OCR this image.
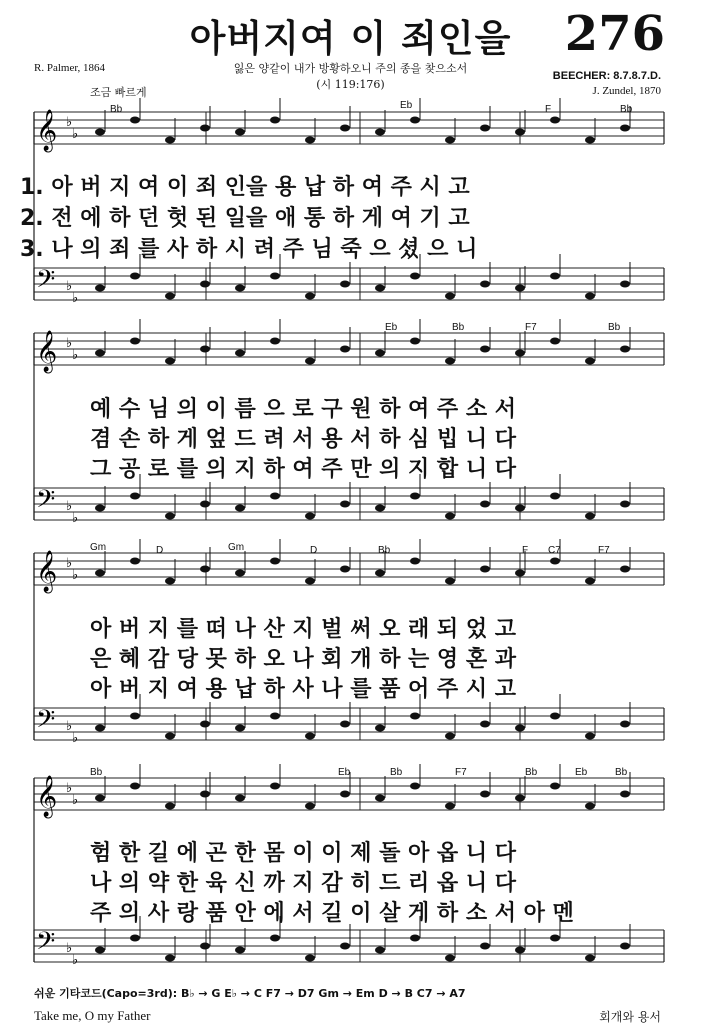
아버지여 이 죄인을	276
잃은 양같이 내가 방황하오니 주의 종을 찾으소서
(시 119:176)
R. Palmer, 1864
BEECHER: 8.7.8.7.D.
J. Zundel, 1870
조금 빠르게
Bb	Eb	F	Bb
Eb	Bb	F7	Bb
Gm	D	Gm	D	Bb	F C7	F7
Bb	Eb	Bb	F7	Bb	Eb	Bb
1. 아 버 지 여 이 죄 인을 용 납 하 여 주 시 고
2. 전 에 하 던 헛 된 일을 애 통 하 게 여 기 고
3. 나 의 죄 를 사 하 시 려 주 님 죽 으 셨 으 니
예 수 님 의 이 름 으 로 구 원 하 여 주 소 서
겸 손 하 게 엎 드 려 서 용 서 하 심 빕 니 다
그 공 로 를 의 지 하 여 주 만 의 지 합 니 다
아 버 지 를 떠 나 산 지 벌 써 오 래 되 었 고
은 혜 감 당 못 하 오 나 회 개 하 는 영 혼 과
아 버 지 여 용 납 하 사 나 를 품 어 주 시 고
험 한 길 에 곤 한 몸 이 이 제 돌 아 옵 니 다
나 의 약 한 육 신 까 지 감 히 드 리 옵 니 다
주 의 사 랑 품 안 에 서 길 이 살 게 하 소 서 아 멘
쉬운 기타코드(Capo=3rd): B♭ → G E♭ → C F7 → D7 Gm → Em D → B C7 → A7
Take me, O my Father	회개와 용서
𝄞 ♭
♭
𝄢 ♭
♭
𝄞 ♭
♭
𝄢 ♭
♭
𝄞 ♭
♭
𝄢 ♭
♭
𝄞 ♭
♭
𝄢 ♭
♭
